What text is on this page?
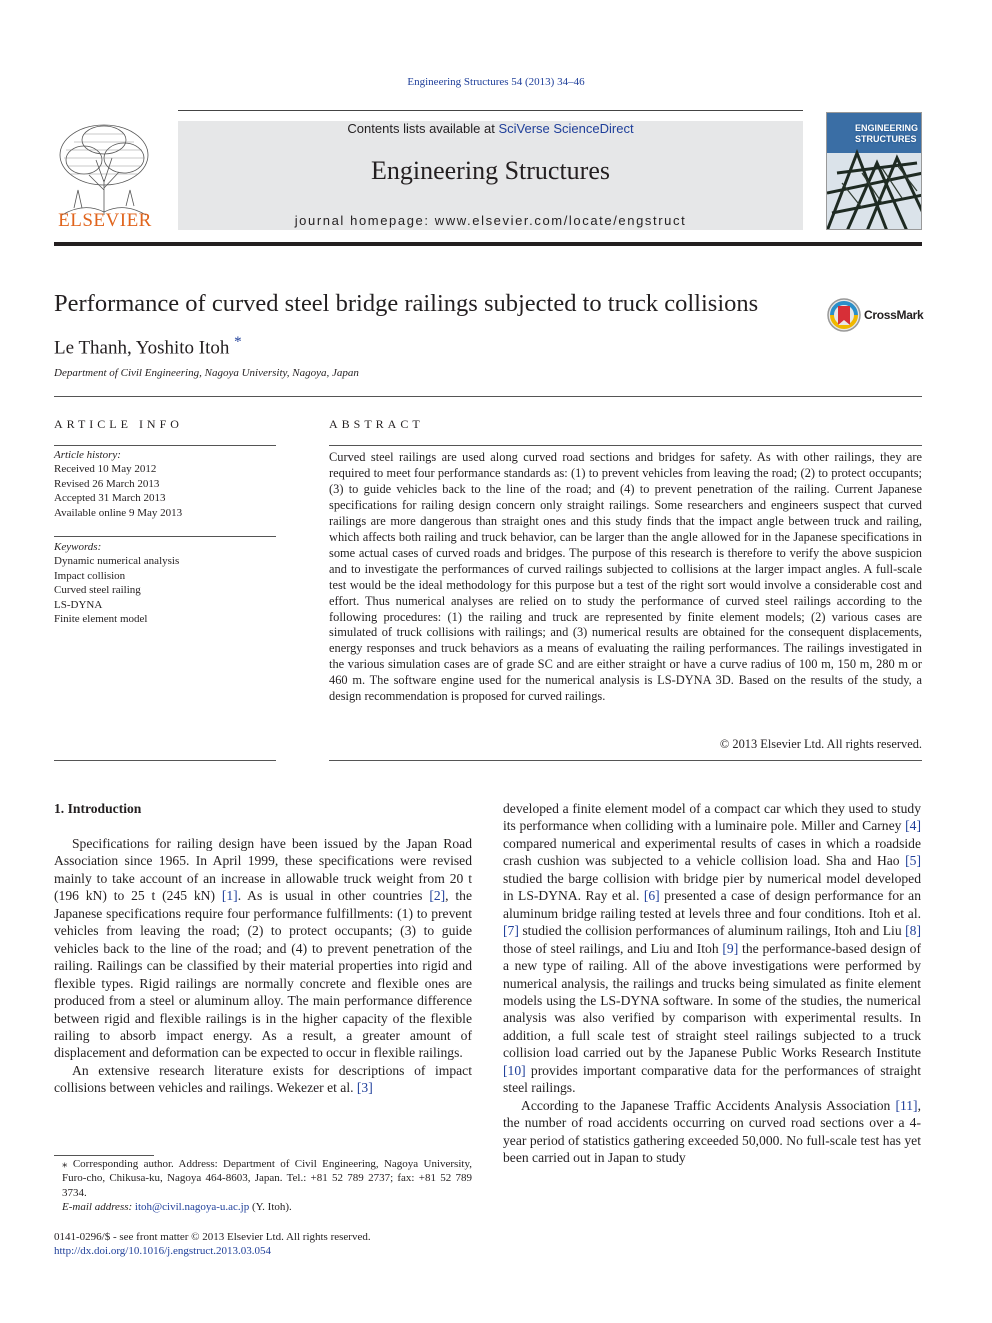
Engineering Structures 54 (2013) 34–46
ELSEVIER
Contents lists available at SciVerse ScienceDirect
Engineering Structures
journal homepage: www.elsevier.com/locate/engstruct
ENGINEERING
STRUCTURES
Performance of curved steel bridge railings subjected to truck collisions	CrossMark
Le Thanh, Yoshito Itoh *
Department of Civil Engineering, Nagoya University, Nagoya, Japan
ARTICLE INFO	ABSTRACT
Article history:
Received 10 May 2012
Revised 26 March 2013
Accepted 31 March 2013
Available online 9 May 2013
Keywords:
Dynamic numerical analysis
Impact collision
Curved steel railing
LS-DYNA
Finite element model
Curved steel railings are used along curved road sections and bridges for safety. As with other railings, they are required to meet four performance standards as: (1) to prevent vehicles from leaving the road; (2) to protect occupants; (3) to guide vehicles back to the line of the road; and (4) to prevent penetration of the railing. Current Japanese specifications for railing design concern only straight railings. Some researchers and engineers suspect that curved railings are more dangerous than straight ones and this study finds that the impact angle between truck and railing, which affects both railing and truck behavior, can be larger than the angle allowed for in the Japanese specifications in some actual cases of curved roads and bridges. The purpose of this research is therefore to verify the above suspicion and to investigate the performances of curved railings subjected to collisions at the larger impact angles. A full-scale test would be the ideal methodology for this purpose but a test of the right sort would involve a considerable cost and effort. Thus numerical analyses are relied on to study the performance of curved steel railings according to the following procedures: (1) the railing and truck are represented by finite element models; (2) various cases are simulated of truck collisions with railings; and (3) numerical results are obtained for the consequent displacements, energy responses and truck behaviors as a means of evaluating the railing performances. The railings investigated in the various simulation cases are of grade SC and are either straight or have a curve radius of 100 m, 150 m, 280 m or 460 m. The software engine used for the numerical analysis is LS-DYNA 3D. Based on the results of the study, a design recommendation is proposed for curved railings.
© 2013 Elsevier Ltd. All rights reserved.
1. Introduction

Specifications for railing design have been issued by the Japan Road Association since 1965. In April 1999, these specifications were revised mainly to take account of an increase in allowable truck weight from 20 t (196 kN) to 25 t (245 kN) [1]. As is usual in other countries [2], the Japanese specifications require four performance fulfillments: (1) to prevent vehicles from leaving the road; (2) to protect occupants; (3) to guide vehicles back to the line of the road; and (4) to prevent penetration of the railing. Railings can be classified by their material properties into rigid and flexible types. Rigid railings are normally concrete and flexible ones are produced from a steel or aluminum alloy. The main performance difference between rigid and flexible railings is in the higher capacity of the flexible railing to absorb impact energy. As a result, a greater amount of displacement and deformation can be expected to occur in flexible railings.

An extensive research literature exists for descriptions of impact collisions between vehicles and railings. Wekezer et al. [3]

developed a finite element model of a compact car which they used to study its performance when colliding with a luminaire pole. Miller and Carney [4] compared numerical and experimental results of cases in which a roadside crash cushion was subjected to a vehicle collision load. Sha and Hao [5] studied the barge collision with bridge pier by numerical model developed in LS-DYNA. Ray et al. [6] presented a case of design performance for an aluminum bridge railing tested at levels three and four conditions. Itoh et al. [7] studied the collision performances of aluminum railings, Itoh and Liu [8] those of steel railings, and Liu and Itoh [9] the performance-based design of a new type of railing. All of the above investigations were performed by numerical analysis, the railings and trucks being simulated as finite element models using the LS-DYNA software. In some of the studies, the numerical analysis was also verified by comparison with experimental results. In addition, a full scale test of straight steel railings subjected to a truck collision load carried out by the Japanese Public Works Research Institute [10] provides important comparative data for the performances of straight steel railings.

According to the Japanese Traffic Accidents Analysis Association [11], the number of road accidents occurring on curved road sections over a 4-year period of statistics gathering exceeded 50,000. No full-scale test has yet been carried out in Japan to study

⁎ Corresponding author. Address: Department of Civil Engineering, Nagoya University, Furo-cho, Chikusa-ku, Nagoya 464-8603, Japan. Tel.: +81 52 789 2737; fax: +81 52 789 3734.
E-mail address: itoh@civil.nagoya-u.ac.jp (Y. Itoh).
0141-0296/$ - see front matter © 2013 Elsevier Ltd. All rights reserved.
http://dx.doi.org/10.1016/j.engstruct.2013.03.054
